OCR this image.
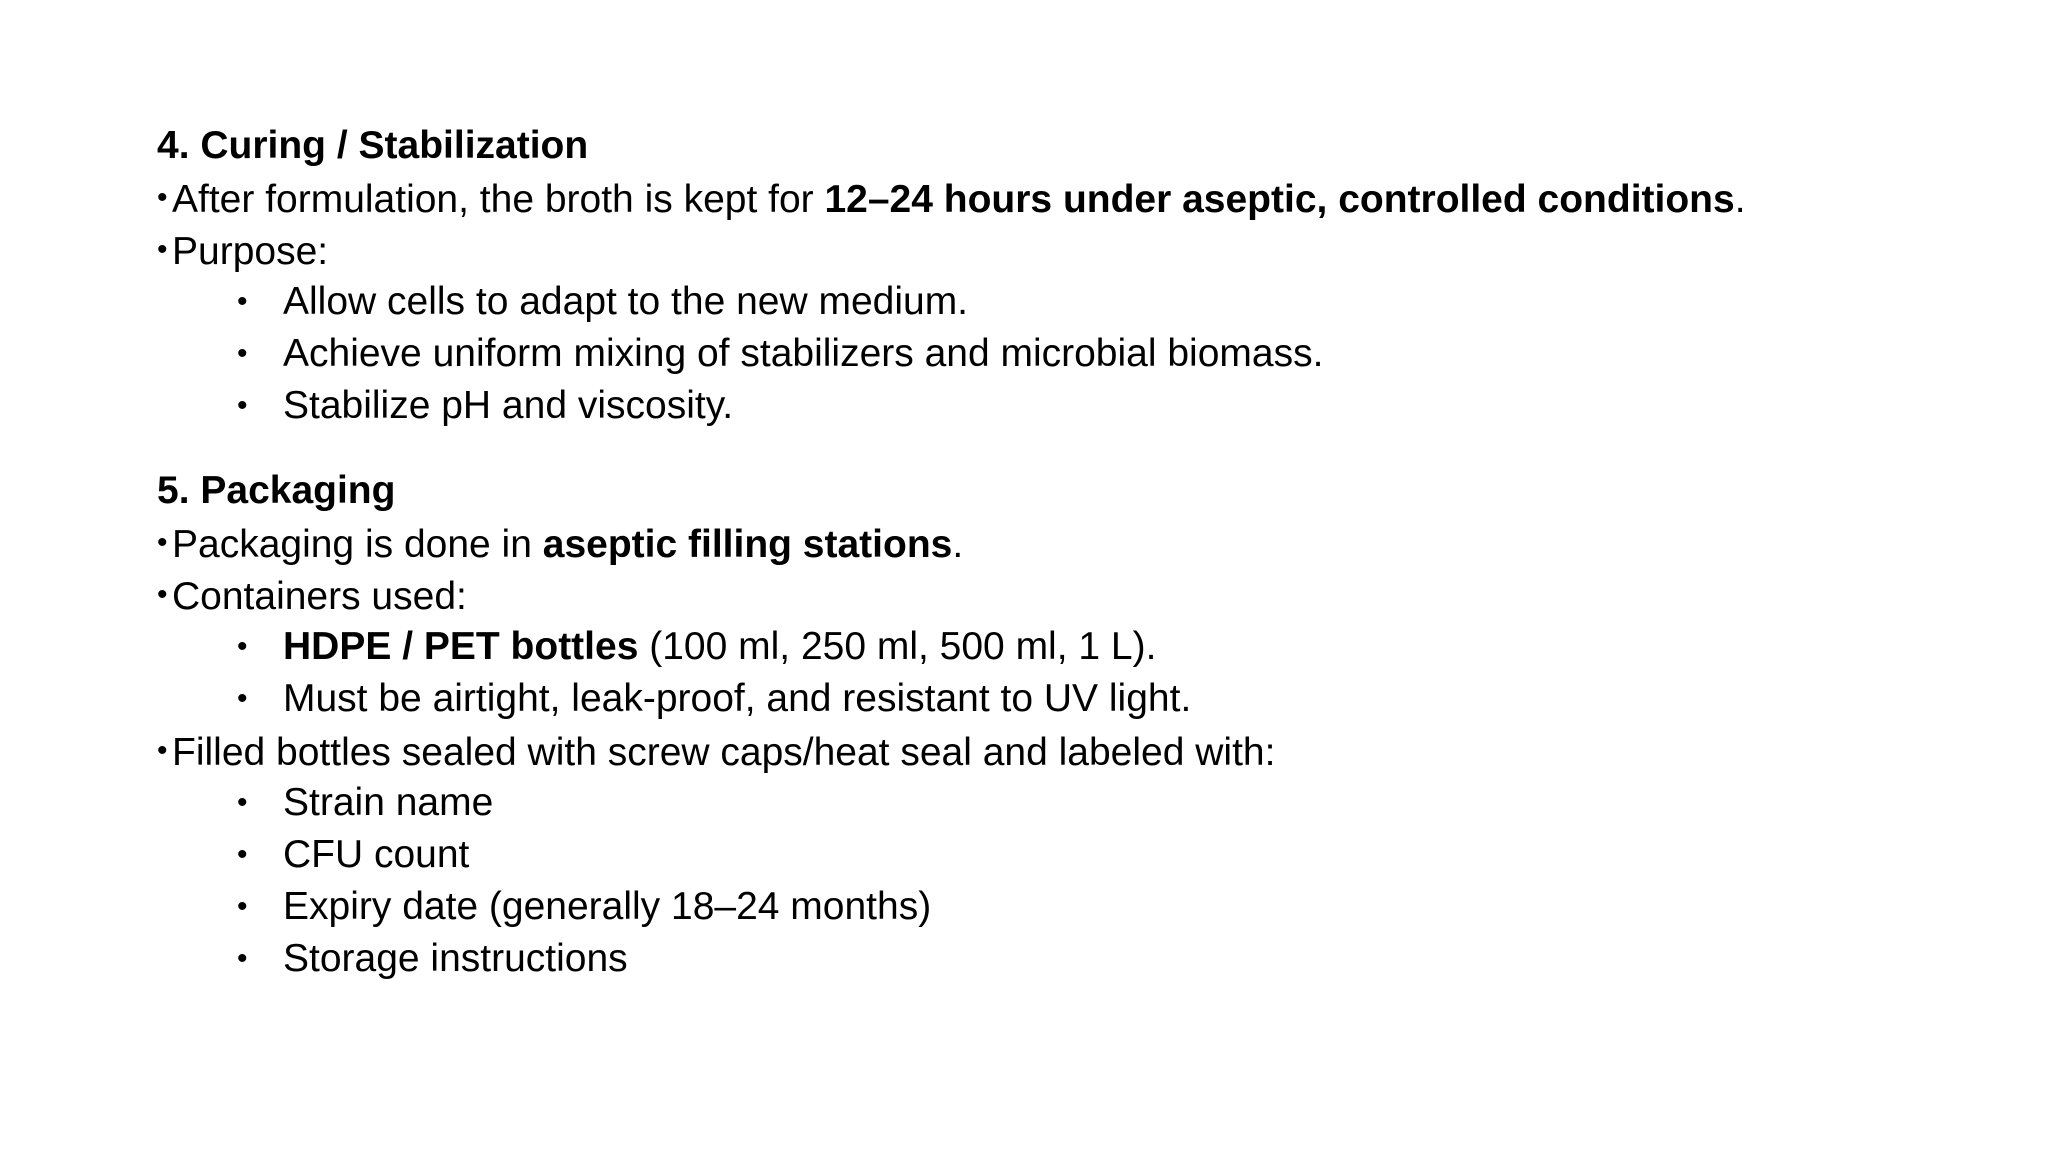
4. Curing / Stabilization
• After formulation, the broth is kept for 12–24 hours under aseptic, controlled conditions.
• Purpose:
• Allow cells to adapt to the new medium.
• Achieve uniform mixing of stabilizers and microbial biomass.
• Stabilize pH and viscosity.
5. Packaging
• Packaging is done in aseptic filling stations.
• Containers used:
• HDPE / PET bottles (100 ml, 250 ml, 500 ml, 1 L).
• Must be airtight, leak-proof, and resistant to UV light.
• Filled bottles sealed with screw caps/heat seal and labeled with:
• Strain name
• CFU count
• Expiry date (generally 18–24 months)
• Storage instructions
